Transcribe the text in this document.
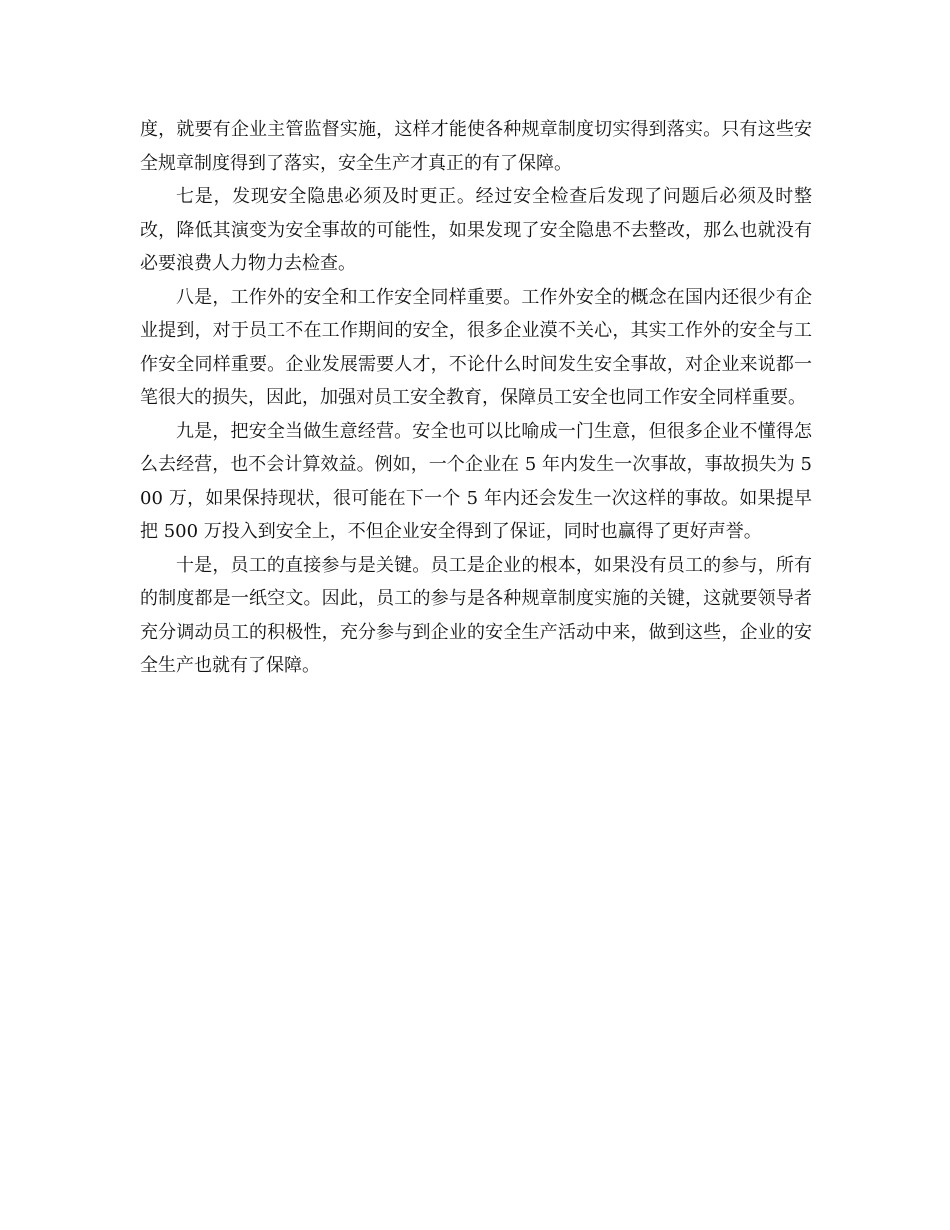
度，就要有企业主管监督实施，这样才能使各种规章制度切实得到落实。只有这些安全规章制度得到了落实，安全生产才真正的有了保障。

七是，发现安全隐患必须及时更正。经过安全检查后发现了问题后必须及时整改，降低其演变为安全事故的可能性，如果发现了安全隐患不去整改，那么也就没有必要浪费人力物力去检查。

八是，工作外的安全和工作安全同样重要。工作外安全的概念在国内还很少有企业提到，对于员工不在工作期间的安全，很多企业漠不关心，其实工作外的安全与工作安全同样重要。企业发展需要人才，不论什么时间发生安全事故，对企业来说都一笔很大的损失，因此，加强对员工安全教育，保障员工安全也同工作安全同样重要。

九是，把安全当做生意经营。安全也可以比喻成一门生意，但很多企业不懂得怎么去经营，也不会计算效益。例如，一个企业在 5 年内发生一次事故，事故损失为 500 万，如果保持现状，很可能在下一个 5 年内还会发生一次这样的事故。如果提早把 500 万投入到安全上，不但企业安全得到了保证，同时也赢得了更好声誉。

十是，员工的直接参与是关键。员工是企业的根本，如果没有员工的参与，所有的制度都是一纸空文。因此，员工的参与是各种规章制度实施的关键，这就要领导者充分调动员工的积极性，充分参与到企业的安全生产活动中来，做到这些，企业的安全生产也就有了保障。
